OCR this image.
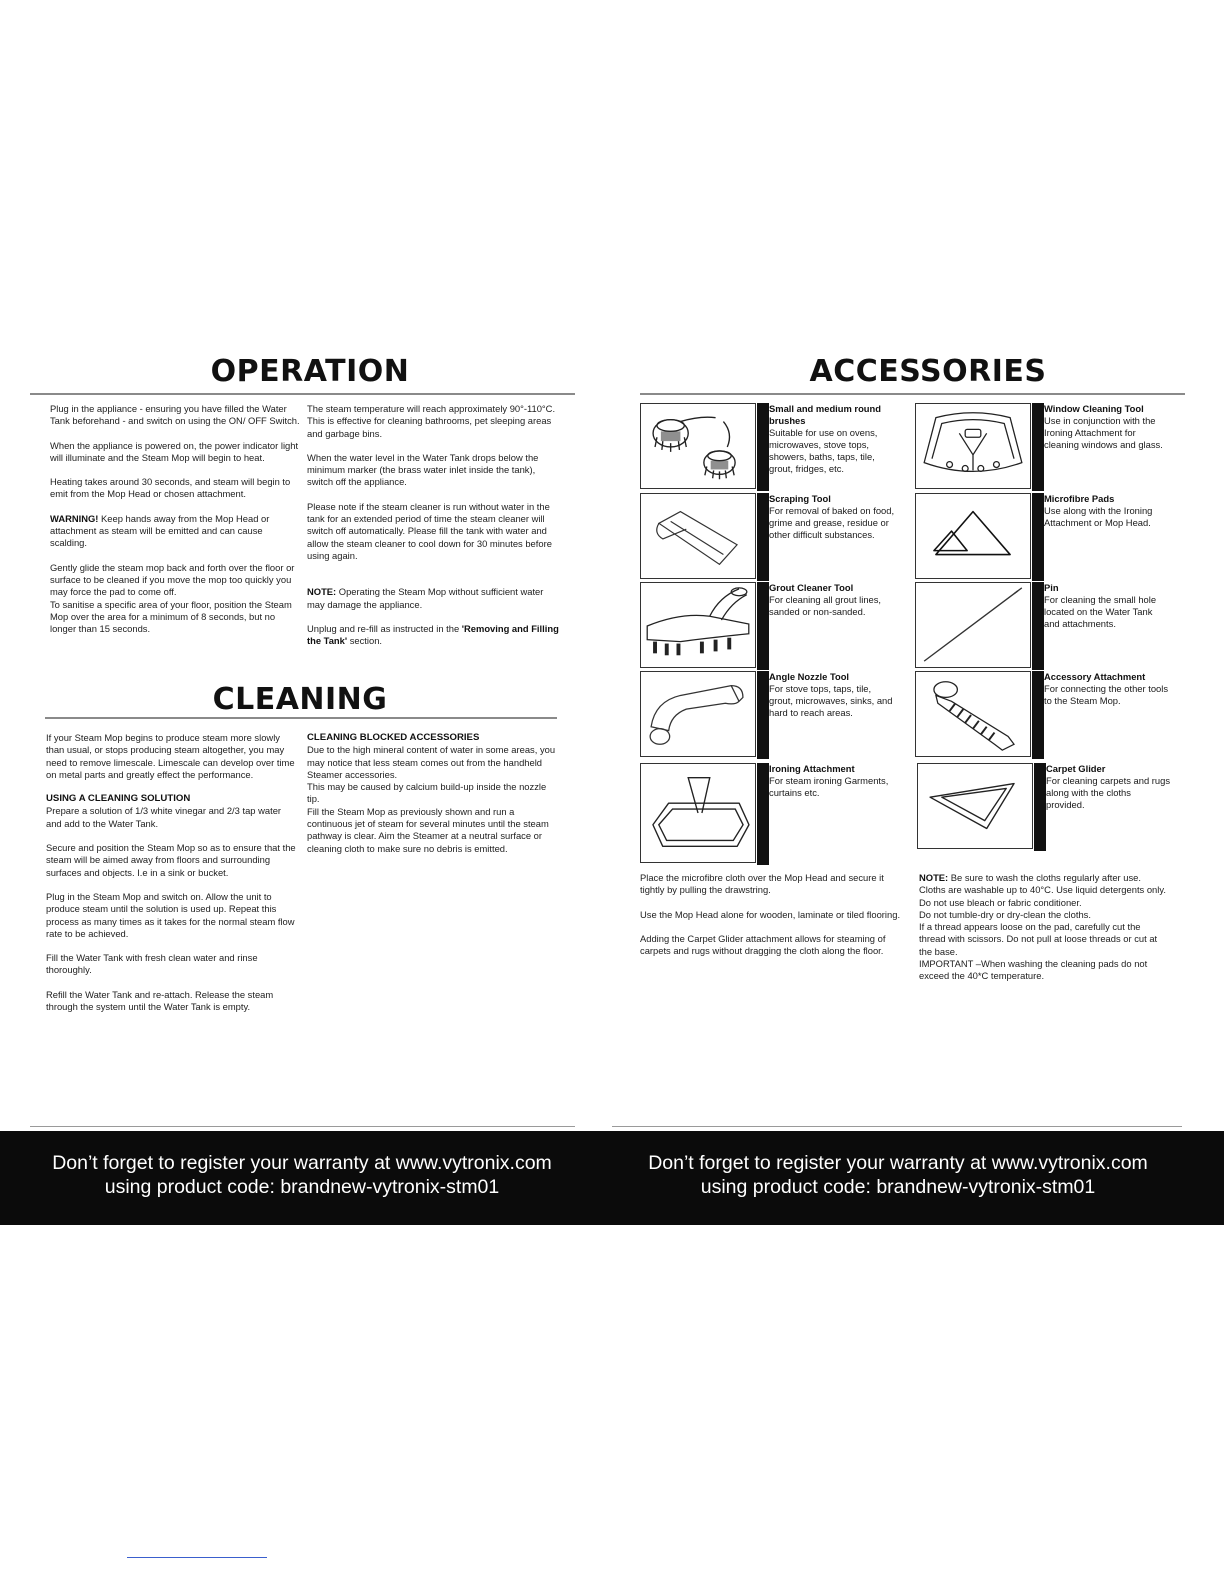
OPERATION

Plug in the appliance - ensuring you have filled the Water Tank beforehand - and switch on using the ON/ OFF Switch.

When the appliance is powered on, the power indicator light will illuminate and the Steam Mop will begin to heat.

Heating takes around 30 seconds, and steam will begin to emit from the Mop Head or chosen attachment.

WARNING! Keep hands away from the Mop Head or attachment as steam will be emitted and can cause scalding.

Gently glide the steam mop back and forth over the floor or surface to be cleaned if you move the mop too quickly you may force the pad to come off.

To sanitise a specific area of your floor, position the Steam Mop over the area for a minimum of 8 seconds, but no longer than 15 seconds.

The steam temperature will reach approximately 90°-110°C. This is effective for cleaning bathrooms, pet sleeping areas and garbage bins.

When the water level in the Water Tank drops below the minimum marker (the brass water inlet inside the tank), switch off the appliance.

Please note if the steam cleaner is run without water in the tank for an extended period of time the steam cleaner will switch off automatically. Please fill the tank with water and allow the steam cleaner to cool down for 30 minutes before using again.

NOTE: Operating the Steam Mop without sufficient water may damage the appliance.

Unplug and re-fill as instructed in the 'Removing and Filling the Tank' section.

CLEANING

If your Steam Mop begins to produce steam more slowly than usual, or stops producing steam altogether, you may need to remove limescale. Limescale can develop over time on metal parts and greatly effect the performance.

USING A CLEANING SOLUTION

Prepare a solution of 1/3 white vinegar and 2/3 tap water and add to the Water Tank.

Secure and position the Steam Mop so as to ensure that the steam will be aimed away from floors and surrounding surfaces and objects. I.e in a sink or bucket.

Plug in the Steam Mop and switch on. Allow the unit to produce steam until the solution is used up. Repeat this process as many times as it takes for the normal steam flow rate to be achieved.

Fill the Water Tank with fresh clean water and rinse thoroughly.

Refill the Water Tank and re-attach. Release the steam through the system until the Water Tank is empty.

CLEANING BLOCKED ACCESSORIES
Due to the high mineral content of water in some areas, you may notice that less steam comes out from the handheld Steamer accessories.
This may be caused by calcium build-up inside the nozzle tip.
Fill the Steam Mop as previously shown and run a continuous jet of steam for several minutes until the steam pathway is clear. Aim the Steamer at a neutral surface or cleaning cloth to make sure no debris is emitted.
ACCESSORIES
Small and medium round brushes
Suitable for use on ovens, microwaves, stove tops, showers, baths, taps, tile, grout, fridges, etc.
Window Cleaning Tool
Use in conjunction with the Ironing Attachment for cleaning windows and glass.
Scraping Tool
For removal of baked on food, grime and grease, residue or other difficult substances.
Microfibre Pads
Use along with the Ironing Attachment or Mop Head.
Grout Cleaner Tool
For cleaning all grout lines, sanded or non-sanded.
Pin
For cleaning the small hole located on the Water Tank and attachments.
Angle Nozzle Tool
For stove tops, taps, tile, grout, microwaves, sinks, and hard to reach areas.
Accessory Attachment
For connecting the other tools to the Steam Mop.
Ironing Attachment
For steam ironing Garments, curtains etc.
Carpet Glider
For cleaning carpets and rugs along with the cloths provided.

Place the microfibre cloth over the Mop Head and secure it tightly by pulling the drawstring.

Use the Mop Head alone for wooden, laminate or tiled flooring.

Adding the Carpet Glider attachment allows for steaming of carpets and rugs without dragging the cloth along the floor.

NOTE: Be sure to wash the cloths regularly after use. Cloths are washable up to 40°C. Use liquid detergents only. Do not use bleach or fabric conditioner.
Do not tumble-dry or dry-clean the cloths.
If a thread appears loose on the pad, carefully cut the thread with scissors. Do not pull at loose threads or cut at the base.
IMPORTANT –When washing the cleaning pads do not exceed the 40*C temperature.
Don’t forget to register your warranty at www.vytronix.com
using product code: brandnew-vytronix-stm01
Don’t forget to register your warranty at www.vytronix.com
using product code: brandnew-vytronix-stm01
